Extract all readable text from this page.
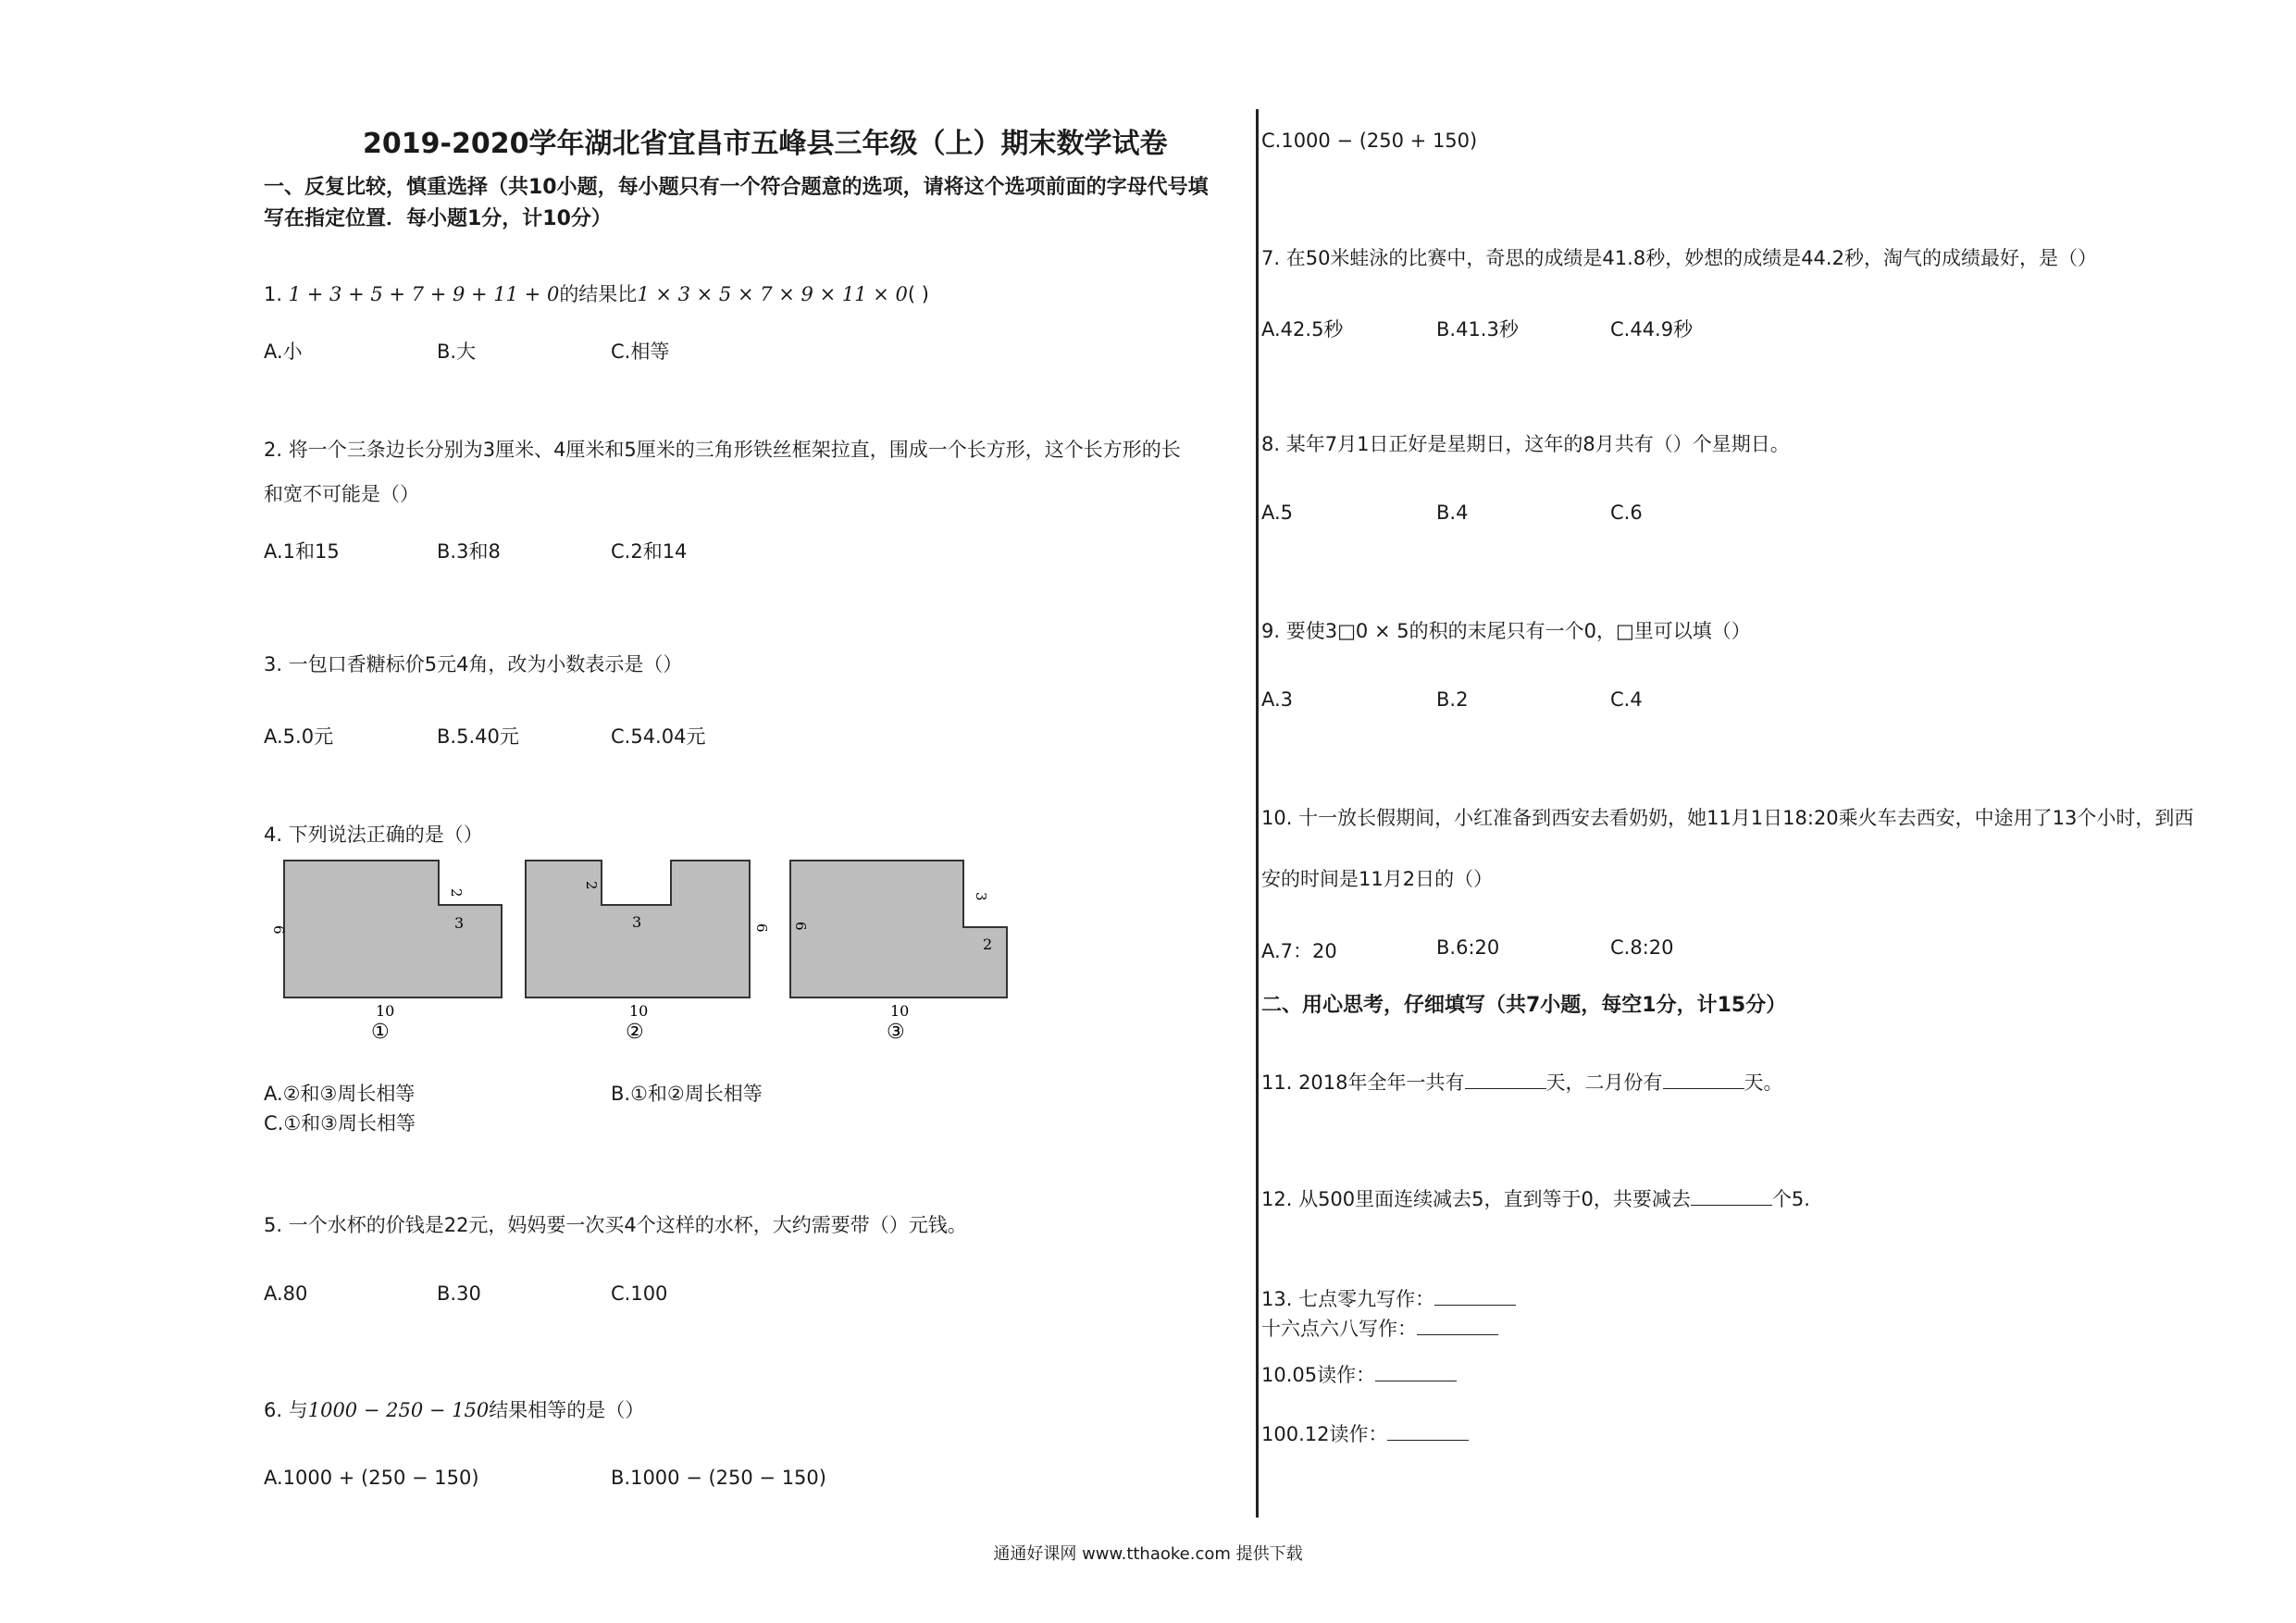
2019-2020学年湖北省宜昌市五峰县三年级（上）期末数学试卷
一、反复比较，慎重选择（共10小题，每小题只有一个符合题意的选项，请将这个选项前面的字母代号填
写在指定位置．每小题1分，计10分）
1. 1 + 3 + 5 + 7 + 9 + 11 + 0的结果比1 × 3 × 5 × 7 × 9 × 11 × 0( )
A.小	B.大	C.相等
2. 将一个三条边长分别为3厘米、4厘米和5厘米的三角形铁丝框架拉直，围成一个长方形，这个长方形的长
和宽不可能是（）
A.1和15	B.3和8	C.2和14
3. 一包口香糖标价5元4角，改为小数表示是（）
A.5.0元	B.5.40元	C.54.04元
4. 下列说法正确的是（）
2
3
6
10
①
2
3	6
10
②
3
2
6
10
③
A.②和③周长相等	B.①和②周长相等
C.①和③周长相等
5. 一个水杯的价钱是22元，妈妈要一次买4个这样的水杯，大约需要带（）元钱。
A.80	B.30	C.100
6. 与1000 − 250 − 150结果相等的是（）
A.1000 + (250 − 150)	B.1000 − (250 − 150)
C.1000 − (250 + 150)
7. 在50米蛙泳的比赛中，奇思的成绩是41.8秒，妙想的成绩是44.2秒，淘气的成绩最好，是（）
A.42.5秒	B.41.3秒	C.44.9秒
8. 某年7月1日正好是星期日，这年的8月共有（）个星期日。
A.5	B.4	C.6
9. 要使3□0 × 5的积的末尾只有一个0，□里可以填（）
A.3	B.2	C.4
10. 十一放长假期间，小红准备到西安去看奶奶，她11月1日18:20乘火车去西安，中途用了13个小时，到西
安的时间是11月2日的（）
A.7：20	B.6:20	C.8:20
二、用心思考，仔细填写（共7小题，每空1分，计15分）
11. 2018年全年一共有	天，二月份有	天。
12. 从500里面连续减去5，直到等于0，共要减去	个5.
13. 七点零九写作：
十六点六八写作：
10.05读作：
100.12读作：
通通好课网 www.tthaoke.com 提供下载
